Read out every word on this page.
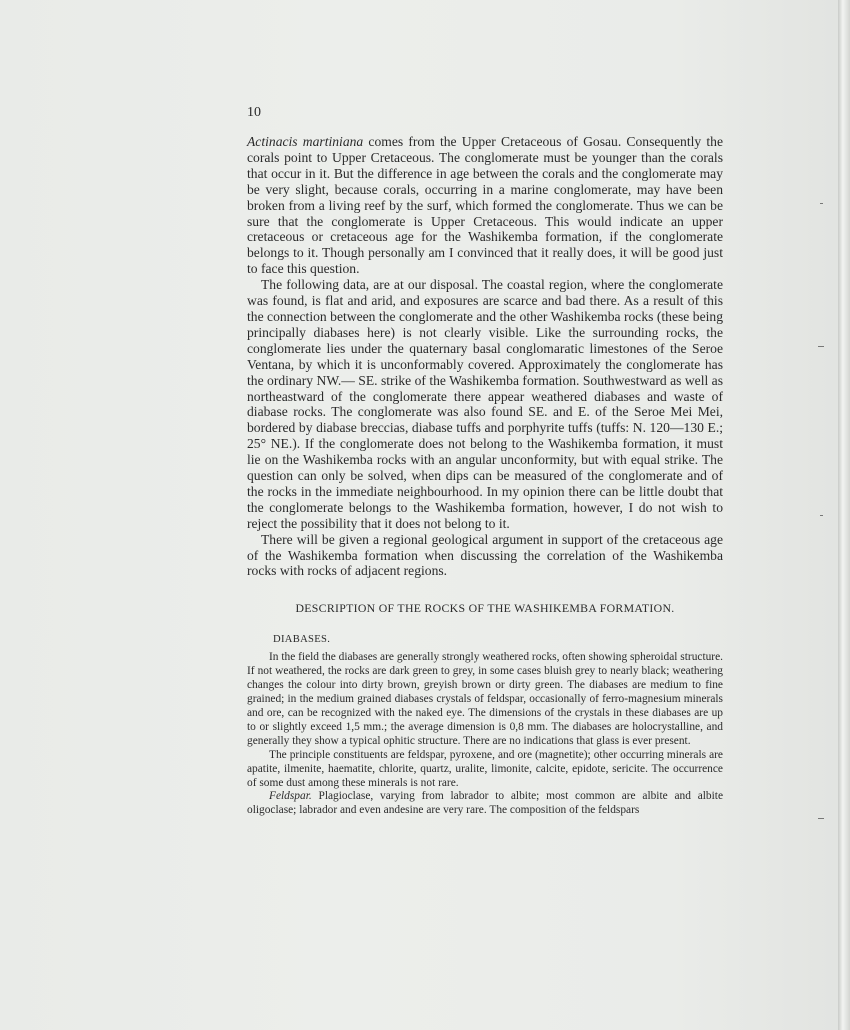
10

Actinacis martiniana comes from the Upper Cretaceous of Gosau. Consequently the corals point to Upper Cretaceous. The conglomerate must be younger than the corals that occur in it. But the difference in age between the corals and the conglomerate may be very slight, because corals, occurring in a marine conglomerate, may have been broken from a living reef by the surf, which formed the conglomerate. Thus we can be sure that the conglomerate is Upper Cretaceous. This would indicate an upper cretaceous or cretaceous age for the Washikemba formation, if the conglomerate belongs to it. Though personally am I convinced that it really does, it will be good just to face this question.

The following data, are at our disposal. The coastal region, where the conglomerate was found, is flat and arid, and exposures are scarce and bad there. As a result of this the connection between the conglomerate and the other Washikemba rocks (these being principally diabases here) is not clearly visible. Like the surrounding rocks, the conglomerate lies under the quaternary basal conglomaratic limestones of the Seroe Ventana, by which it is unconformably covered. Approximately the conglomerate has the ordinary NW.— SE. strike of the Washikemba formation. Southwestward as well as northeastward of the conglomerate there appear weathered diabases and waste of diabase rocks. The conglomerate was also found SE. and E. of the Seroe Mei Mei, bordered by diabase breccias, diabase tuffs and porphyrite tuffs (tuffs: N. 120—130 E.; 25° NE.). If the conglomerate does not belong to the Washikemba formation, it must lie on the Washikemba rocks with an angular unconformity, but with equal strike. The question can only be solved, when dips can be measured of the conglomerate and of the rocks in the immediate neighbourhood. In my opinion there can be little doubt that the conglomerate belongs to the Washikemba formation, however, I do not wish to reject the possibility that it does not belong to it.

There will be given a regional geological argument in support of the cretaceous age of the Washikemba formation when discussing the correlation of the Washikemba rocks with rocks of adjacent regions.

DESCRIPTION OF THE ROCKS OF THE WASHIKEMBA FORMATION.
DIABASES.

In the field the diabases are generally strongly weathered rocks, often showing spheroidal structure. If not weathered, the rocks are dark green to grey, in some cases bluish grey to nearly black; weathering changes the colour into dirty brown, greyish brown or dirty green. The diabases are medium to fine grained; in the medium grained diabases crystals of feldspar, occasionally of ferro-magnesium minerals and ore, can be recognized with the naked eye. The dimensions of the crystals in these diabases are up to or slightly exceed 1,5 mm.; the average dimension is 0,8 mm. The diabases are holocrystalline, and generally they show a typical ophitic structure. There are no indications that glass is ever present.

The principle constituents are feldspar, pyroxene, and ore (magnetite); other occurring minerals are apatite, ilmenite, haematite, chlorite, quartz, uralite, limonite, calcite, epidote, sericite. The occurrence of some dust among these minerals is not rare.

Feldspar. Plagioclase, varying from labrador to albite; most common are albite and albite oligoclase; labrador and even andesine are very rare. The composition of the feldspars
